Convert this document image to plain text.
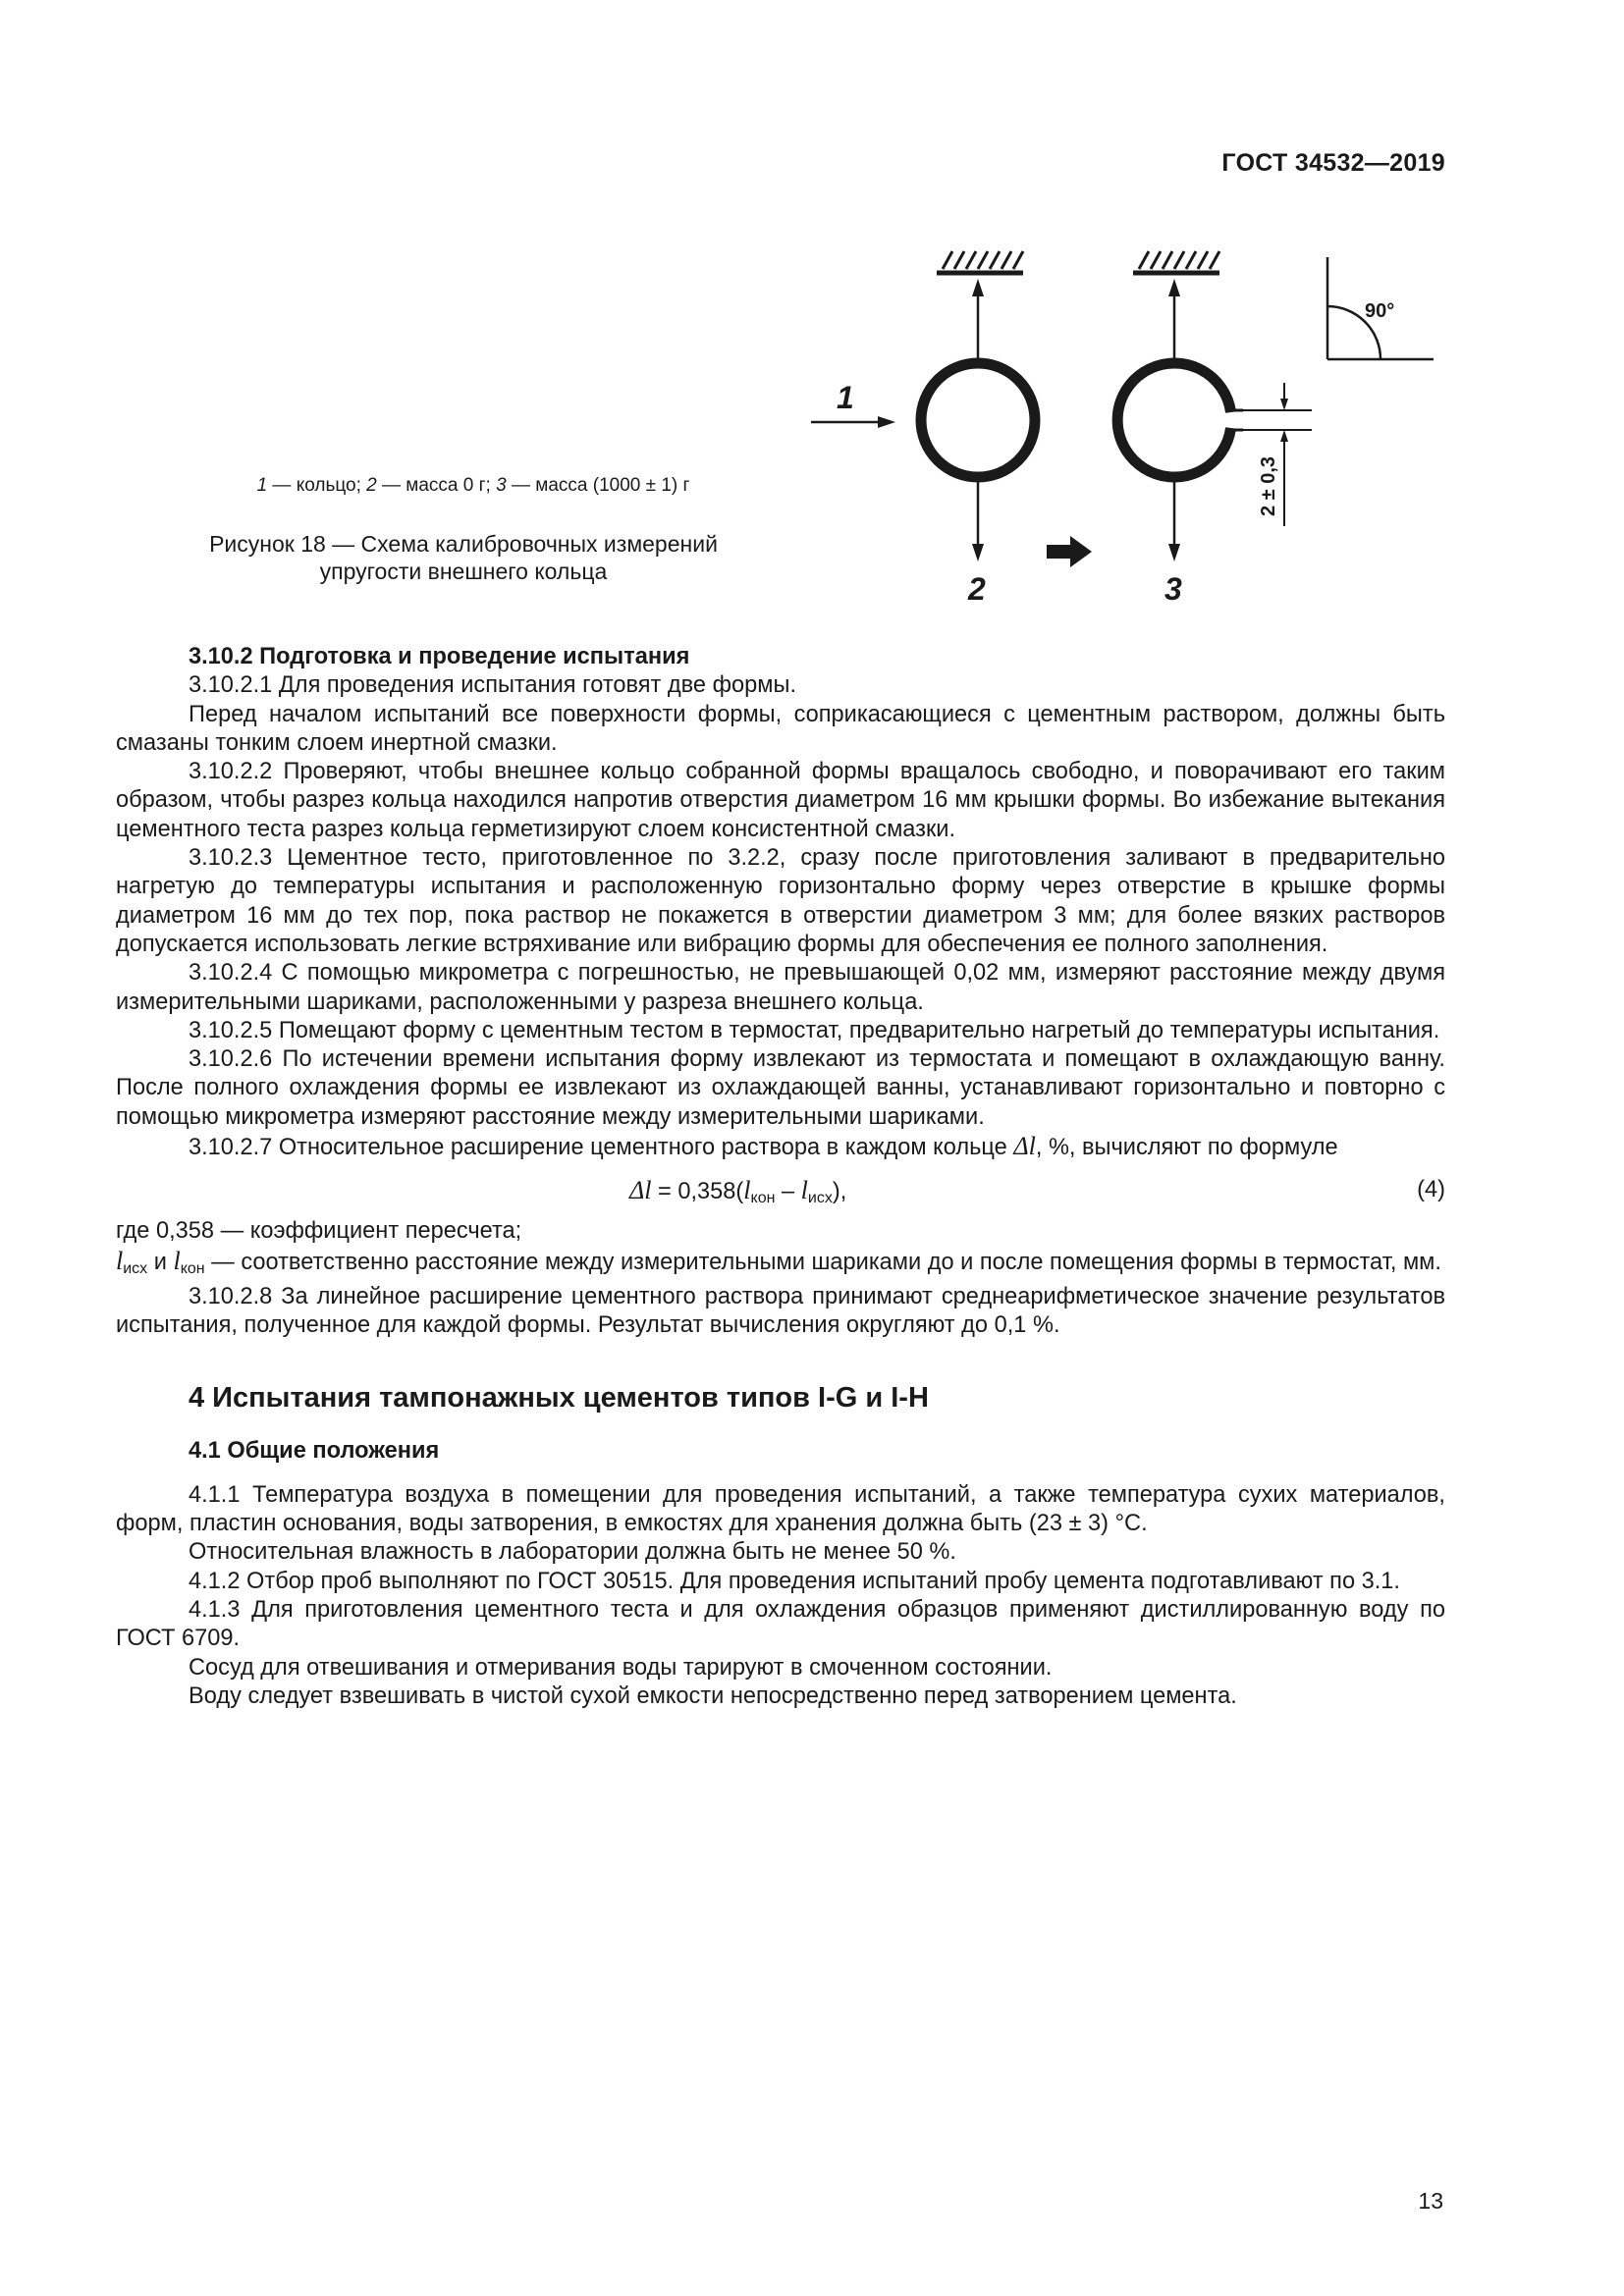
ГОСТ 34532—2019
1
2	3
2 ± 0,3
90°
1 — кольцо; 2 — масса 0 г; 3 — масса (1000 ± 1) г
Рисунок 18 — Схема калибровочных измерений
упругости внешнего кольца

3.10.2 Подготовка и проведение испытания

3.10.2.1 Для проведения испытания готовят две формы.

Перед началом испытаний все поверхности формы, соприкасающиеся с цементным раствором, должны быть смазаны тонким слоем инертной смазки.

3.10.2.2 Проверяют, чтобы внешнее кольцо собранной формы вращалось свободно, и поворачивают его таким образом, чтобы разрез кольца находился напротив отверстия диаметром 16 мм крышки формы. Во избежание вытекания цементного теста разрез кольца герметизируют слоем консистентной смазки.

3.10.2.3 Цементное тесто, приготовленное по 3.2.2, сразу после приготовления заливают в предварительно нагретую до температуры испытания и расположенную горизонтально форму через отверстие в крышке формы диаметром 16 мм до тех пор, пока раствор не покажется в отверстии диаметром 3 мм; для более вязких растворов допускается использовать легкие встряхивание или вибрацию формы для обеспечения ее полного заполнения.

3.10.2.4 С помощью микрометра с погрешностью, не превышающей 0,02 мм, измеряют расстояние между двумя измерительными шариками, расположенными у разреза внешнего кольца.

3.10.2.5 Помещают форму с цементным тестом в термостат, предварительно нагретый до температуры испытания.

3.10.2.6 По истечении времени испытания форму извлекают из термостата и помещают в охлаждающую ванну. После полного охлаждения формы ее извлекают из охлаждающей ванны, устанавливают горизонтально и повторно с помощью микрометра измеряют расстояние между измерительными шариками.

3.10.2.7 Относительное расширение цементного раствора в каждом кольце Δl, %, вычисляют по формуле

$\Delta l = 0,358(l_{кон} - l_{исх})$,	(4)

где 0,358 — коэффициент пересчета;

$l_{исх}$ и $l_{кон}$ — соответственно расстояние между измерительными шариками до и после помещения формы в термостат, мм.

3.10.2.8 За линейное расширение цементного раствора принимают среднеарифметическое значение результатов испытания, полученное для каждой формы. Результат вычисления округляют до 0,1 %.

4 Испытания тампонажных цементов типов I-G и I-H

4.1 Общие положения

4.1.1 Температура воздуха в помещении для проведения испытаний, а также температура сухих материалов, форм, пластин основания, воды затворения, в емкостях для хранения должна быть (23 ± 3) °С.

Относительная влажность в лаборатории должна быть не менее 50 %.

4.1.2 Отбор проб выполняют по ГОСТ 30515. Для проведения испытаний пробу цемента подготавливают по 3.1.

4.1.3 Для приготовления цементного теста и для охлаждения образцов применяют дистиллированную воду по ГОСТ 6709.

Сосуд для отвешивания и отмеривания воды тарируют в смоченном состоянии.

Воду следует взвешивать в чистой сухой емкости непосредственно перед затворением цемента.

13
